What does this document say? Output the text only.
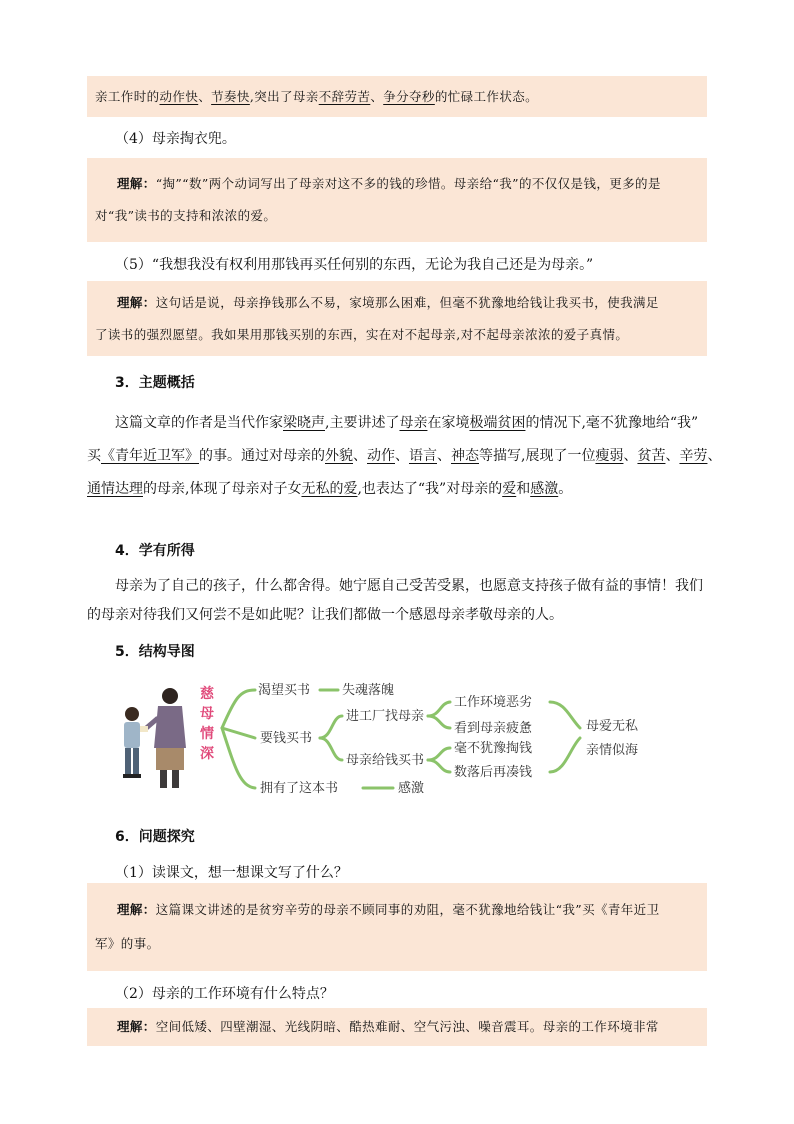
亲工作时的动作快、节奏快,突出了母亲不辞劳苦、争分夺秒的忙碌工作状态。
（4）母亲掏衣兜。
理解：“掏”“数”两个动词写出了母亲对这不多的钱的珍惜。母亲给“我”的不仅仅是钱，更多的是
对“我”读书的支持和浓浓的爱。
（5）“我想我没有权利用那钱再买任何别的东西，无论为我自己还是为母亲。”
理解：这句话是说，母亲挣钱那么不易，家境那么困难，但毫不犹豫地给钱让我买书，使我满足
了读书的强烈愿望。我如果用那钱买别的东西，实在对不起母亲,对不起母亲浓浓的爱子真情。
3．主题概括
这篇文章的作者是当代作家梁晓声,主要讲述了母亲在家境极端贫困的情况下,毫不犹豫地给“我”
买《青年近卫军》的事。通过对母亲的外貌、动作、语言、神态等描写,展现了一位瘦弱、贫苦、辛劳、
通情达理的母亲,体现了母亲对子女无私的爱,也表达了“我”对母亲的爱和感激。
4．学有所得
母亲为了自己的孩子，什么都舍得。她宁愿自己受苦受累，也愿意支持孩子做有益的事情！我们
的母亲对待我们又何尝不是如此呢？让我们都做一个感恩母亲孝敬母亲的人。
5．结构导图
慈
母
情
深
渴望买书 失魂落魄
要钱买书
进工厂找母亲
母亲给钱买书
工作环境恶劣
看到母亲疲惫
毫不犹豫掏钱
数落后再凑钱
拥有了这本书	感激
母爱无私
亲情似海
6．问题探究
（1）读课文，想一想课文写了什么？
理解：这篇课文讲述的是贫穷辛劳的母亲不顾同事的劝阻，毫不犹豫地给钱让“我”买《青年近卫
军》的事。
（2）母亲的工作环境有什么特点？
理解：空间低矮、四壁潮湿、光线阴暗、酷热难耐、空气污浊、噪音震耳。母亲的工作环境非常
